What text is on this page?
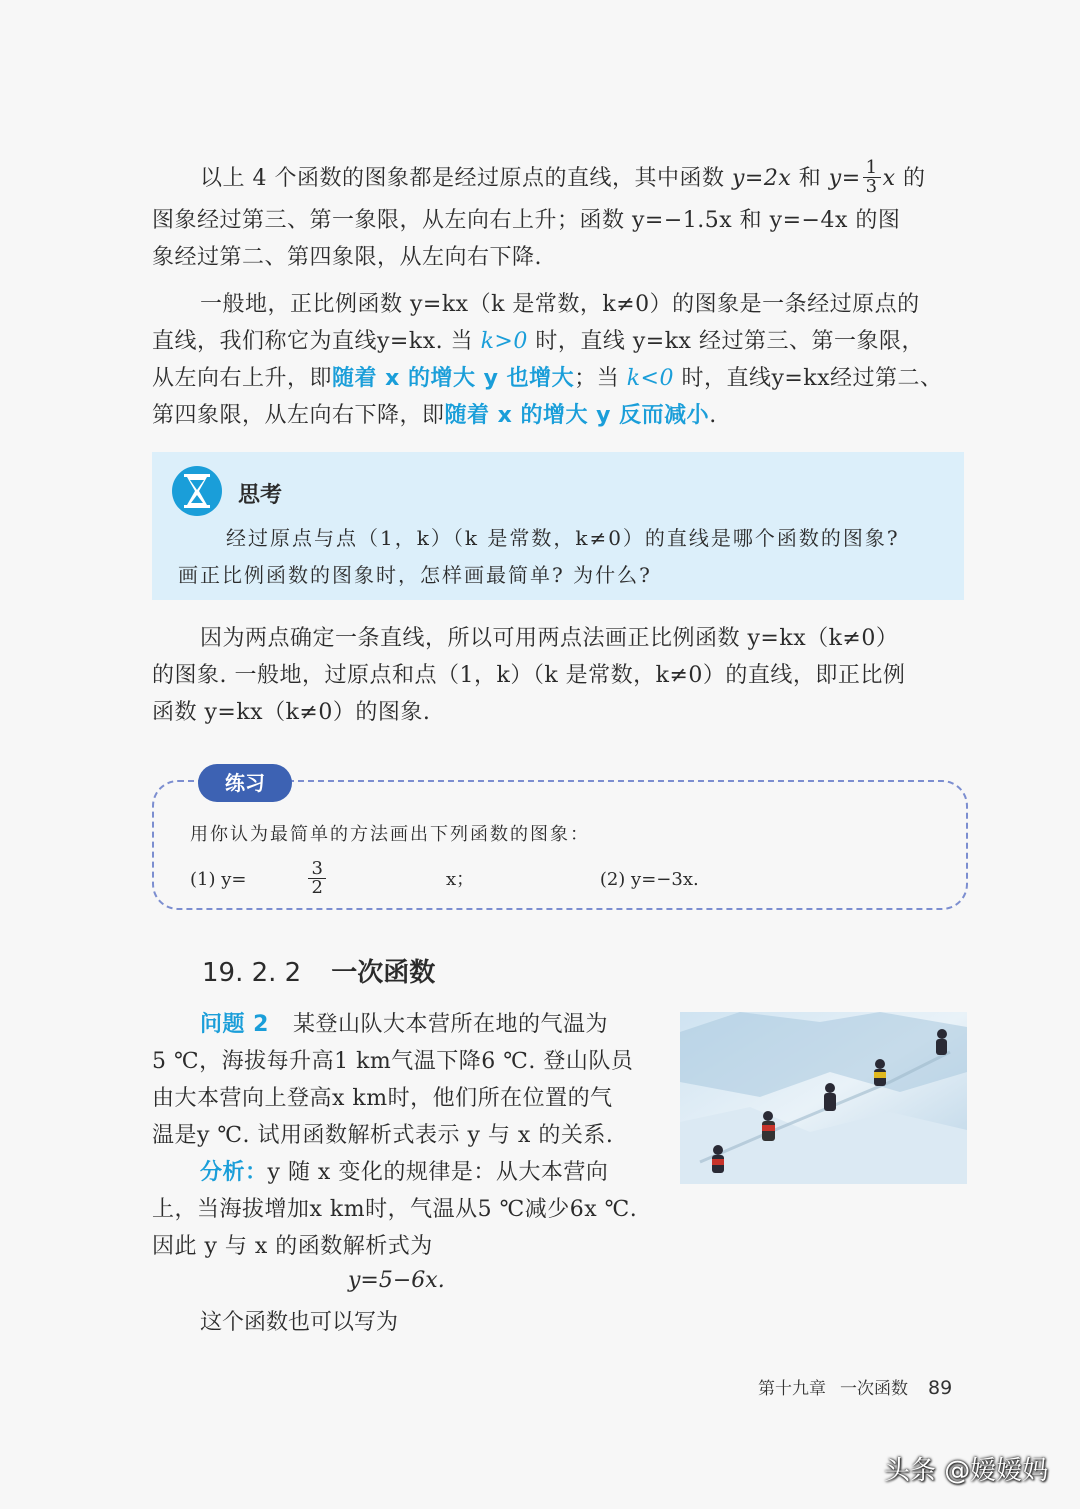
以上 4 个函数的图象都是经过原点的直线，其中函数 y=2x 和 $y= \frac{1}{3}$ x 的
图象经过第三、第一象限，从左向右上升；函数 y=−1.5x 和 y=−4x 的图
象经过第二、第四象限，从左向右下降.
一般地，正比例函数 y=kx（k 是常数，k≠0）的图象是一条经过原点的
直线，我们称它为直线y=kx. 当 k>0 时，直线 y=kx 经过第三、第一象限，
从左向右上升，即随着 x 的增大 y 也增大；当 k<0 时，直线y=kx经过第二、
第四象限，从左向右下降，即随着 x 的增大 y 反而减小.
思考
经过原点与点（1，k）（k 是常数，k≠0）的直线是哪个函数的图象?
画正比例函数的图象时，怎样画最简单? 为什么?
因为两点确定一条直线，所以可用两点法画正比例函数 y=kx（k≠0）
的图象. 一般地，过原点和点（1，k）（k 是常数，k≠0）的直线，即正比例
函数 y=kx（k≠0）的图象.
练习
用你认为最简单的方法画出下列函数的图象：
(1) y=	$\frac{3}{2}$	x；	(2) y=−3x.
19. 2. 2 一次函数
问题 2 某登山队大本营所在地的气温为
5 ℃，海拔每升高1 km气温下降6 ℃. 登山队员
由大本营向上登高x km时，他们所在位置的气
温是y ℃. 试用函数解析式表示 y 与 x 的关系.
分析：y 随 x 变化的规律是：从大本营向
上，当海拔增加x km时，气温从5 ℃减少6x ℃.
因此 y 与 x 的函数解析式为
y=5−6x.
这个函数也可以写为
第十九章 一次函数 89
头条 @嫒嫒妈
